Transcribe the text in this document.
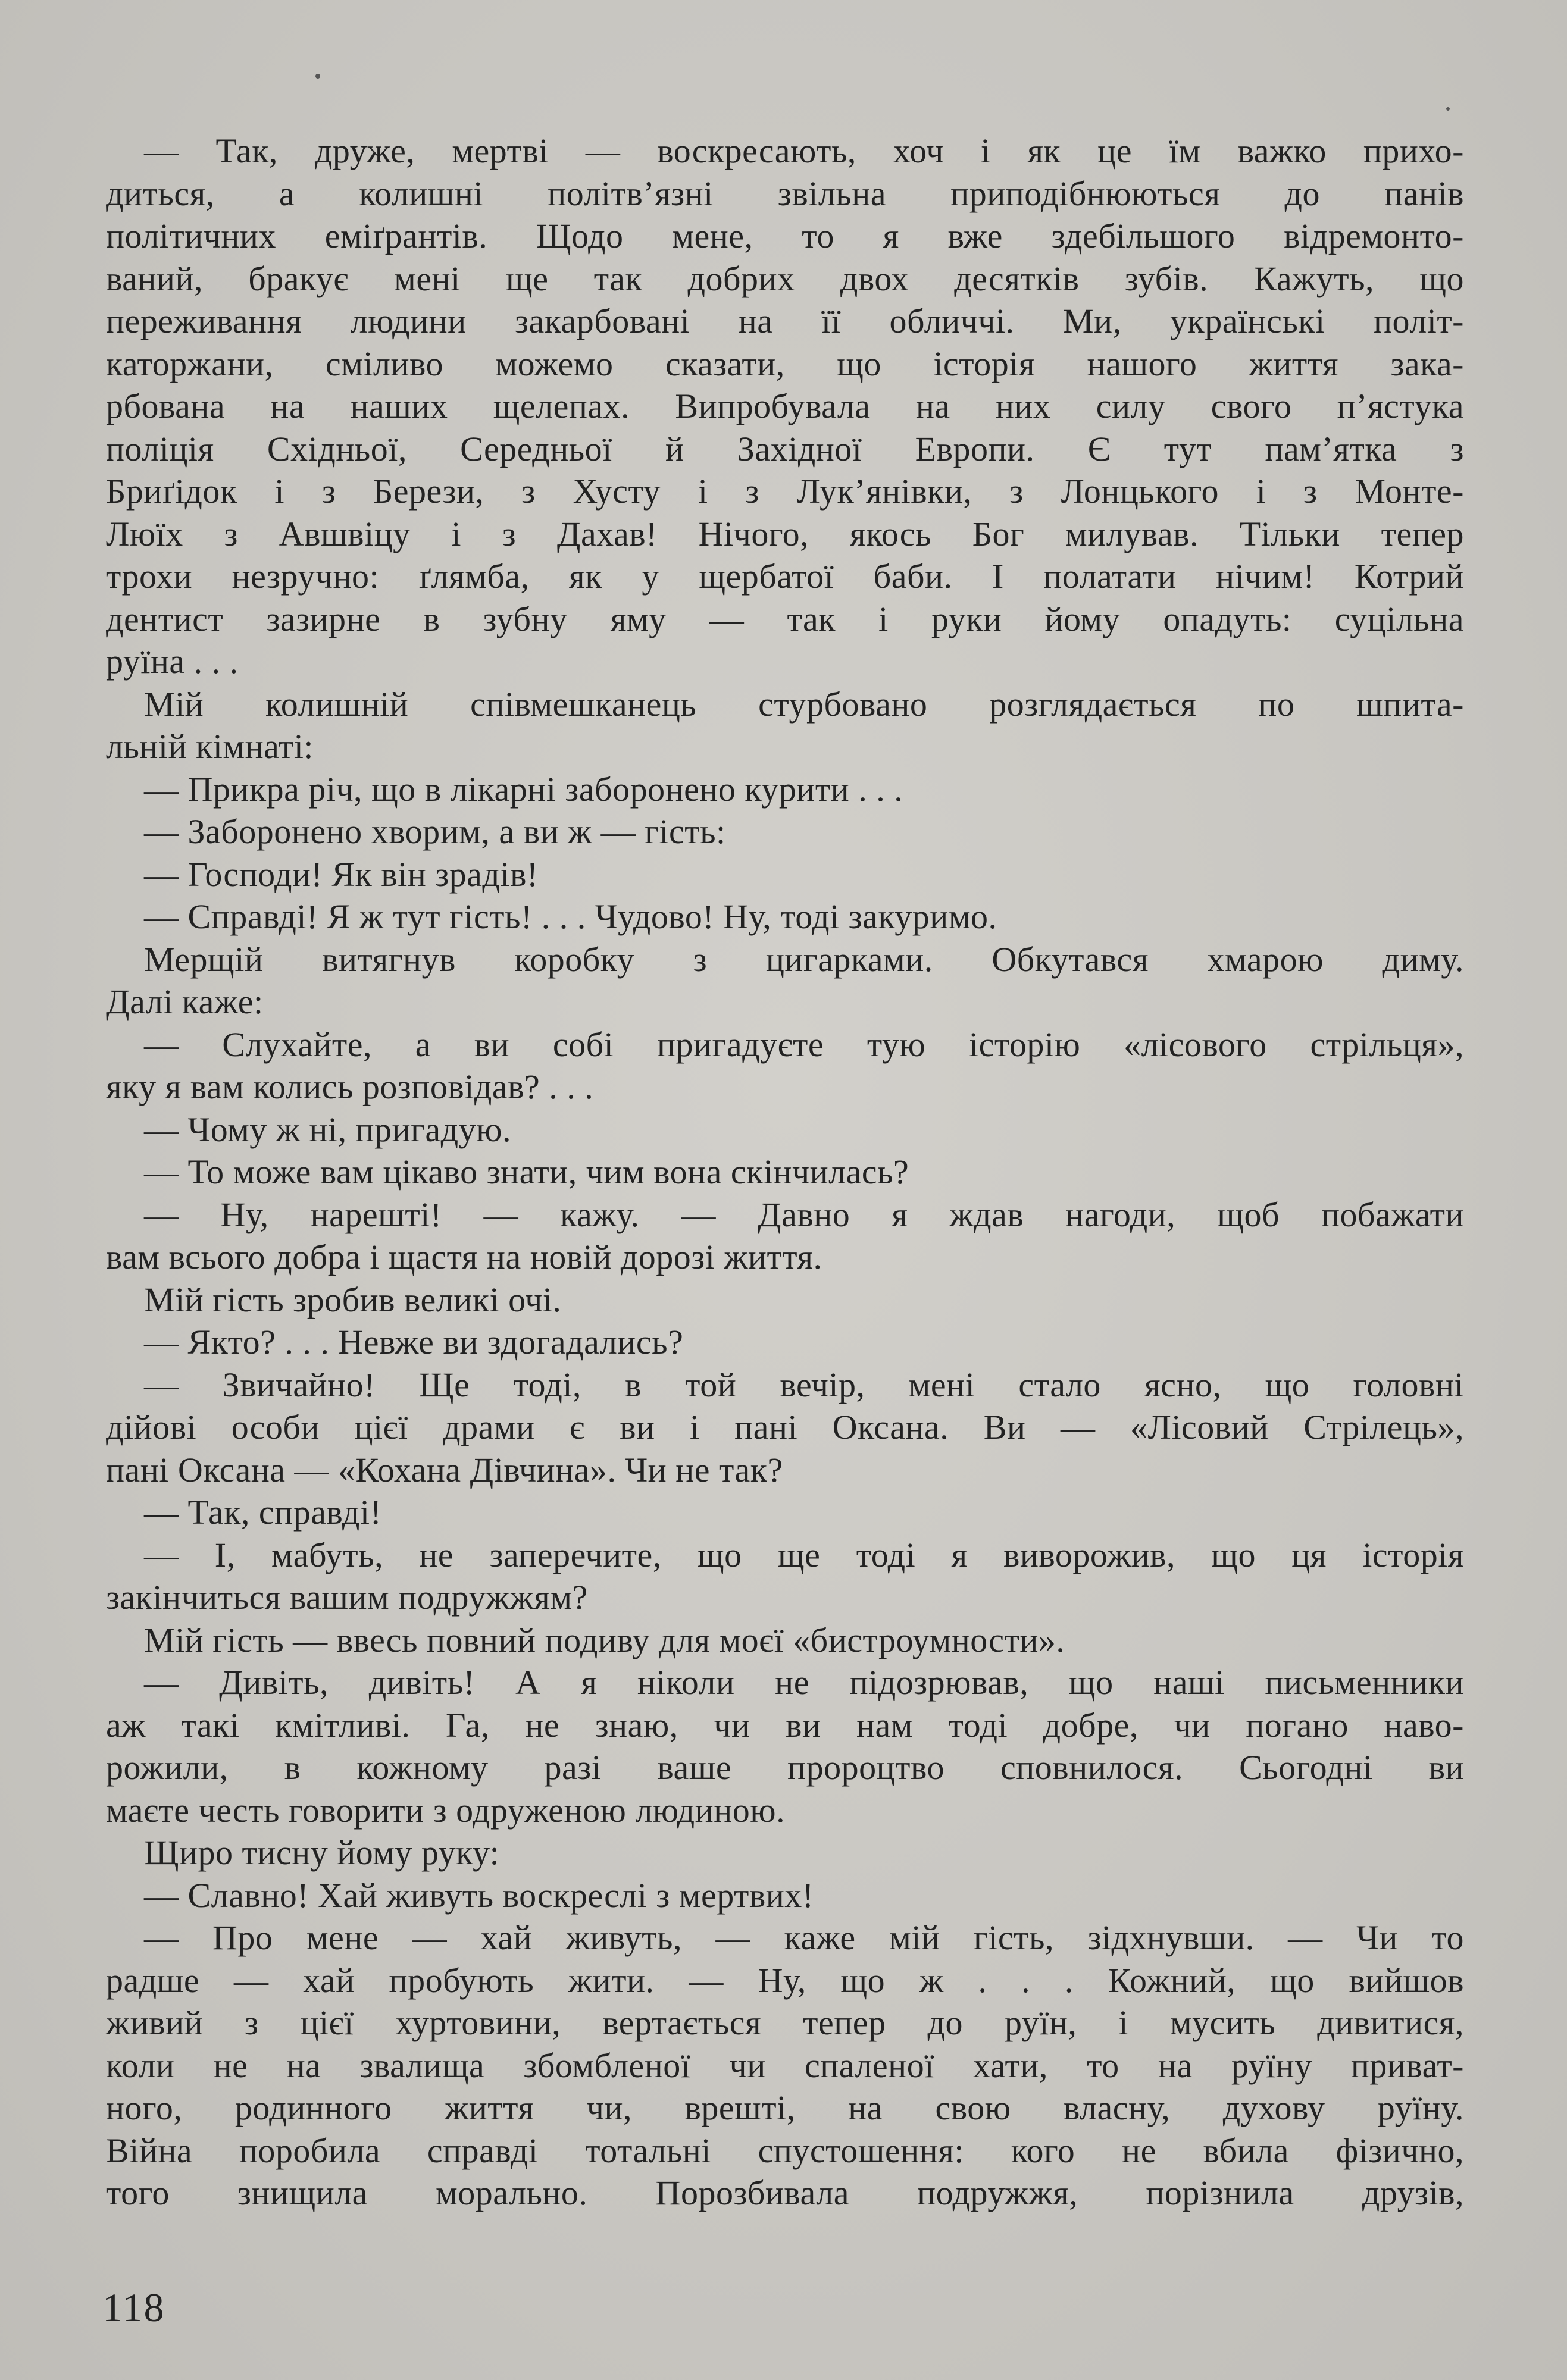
— Так, друже, мертві — воскресають, хоч і як це їм важко прихо-
диться, а колишні політв’язні звільна приподібнюються до панів
політичних еміґрантів. Щодо мене, то я вже здебільшого відремонто-
ваний, бракує мені ще так добрих двох десятків зубів. Кажуть, що
переживання людини закарбовані на її обличчі. Ми, українські політ-
каторжани, сміливо можемо сказати, що історія нашого життя зака-
рбована на наших щелепах. Випробувала на них силу свого п’ястука
поліція Східньої, Середньої й Західної Европи. Є тут пам’ятка з
Бриґідок і з Берези, з Хусту і з Лук’янівки, з Лонцького і з Монте-
Люїх з Авшвіцу і з Дахав! Нічого, якось Бог милував. Тільки тепер
трохи незручно: ґлямба, як у щербатої баби. І полатати нічим! Котрий
дентист зазирне в зубну яму — так і руки йому опадуть: суцільна
руїна . . .
Мій колишній співмешканець стурбовано розглядається по шпита-
льній кімнаті:
— Прикра річ, що в лікарні заборонено курити . . .
— Заборонено хворим, а ви ж — гість:
— Господи! Як він зрадів!
— Справді! Я ж тут гість! . . . Чудово! Ну, тоді закуримо.
Мерщій витягнув коробку з цигарками. Обкутався хмарою диму.
Далі каже:
— Слухайте, а ви собі пригадуєте тую історію «лісового стрільця»,
яку я вам колись розповідав? . . .
— Чому ж ні, пригадую.
— То може вам цікаво знати, чим вона скінчилась?
— Ну, нарешті! — кажу. — Давно я ждав нагоди, щоб побажати
вам всього добра і щастя на новій дорозі життя.
Мій гість зробив великі очі.
— Якто? . . . Невже ви здогадались?
— Звичайно! Ще тоді, в той вечір, мені стало ясно, що головні
дійові особи цієї драми є ви і пані Оксана. Ви — «Лісовий Стрілець»,
пані Оксана — «Кохана Дівчина». Чи не так?
— Так, справді!
— І, мабуть, не заперечите, що ще тоді я виворожив, що ця історія
закінчиться вашим подружжям?
Мій гість — ввесь повний подиву для моєї «бистроумности».
— Дивіть, дивіть! А я ніколи не підозрював, що наші письменники
аж такі кмітливі. Га, не знаю, чи ви нам тоді добре, чи погано наво-
рожили, в кожному разі ваше пророцтво сповнилося. Сьогодні ви
маєте честь говорити з одруженою людиною.
Щиро тисну йому руку:
— Славно! Хай живуть воскреслі з мертвих!
— Про мене — хай живуть, — каже мій гість, зідхнувши. — Чи то
радше — хай пробують жити. — Ну, що ж . . . Кожний, що вийшов
живий з цієї хуртовини, вертається тепер до руїн, і мусить дивитися,
коли не на звалища збомбленої чи спаленої хати, то на руїну приват-
ного, родинного життя чи, врешті, на свою власну, духову руїну.
Війна поробила справді тотальні спустошення: кого не вбила фізично,
того знищила морально. Порозбивала подружжя, порізнила друзів,
118
